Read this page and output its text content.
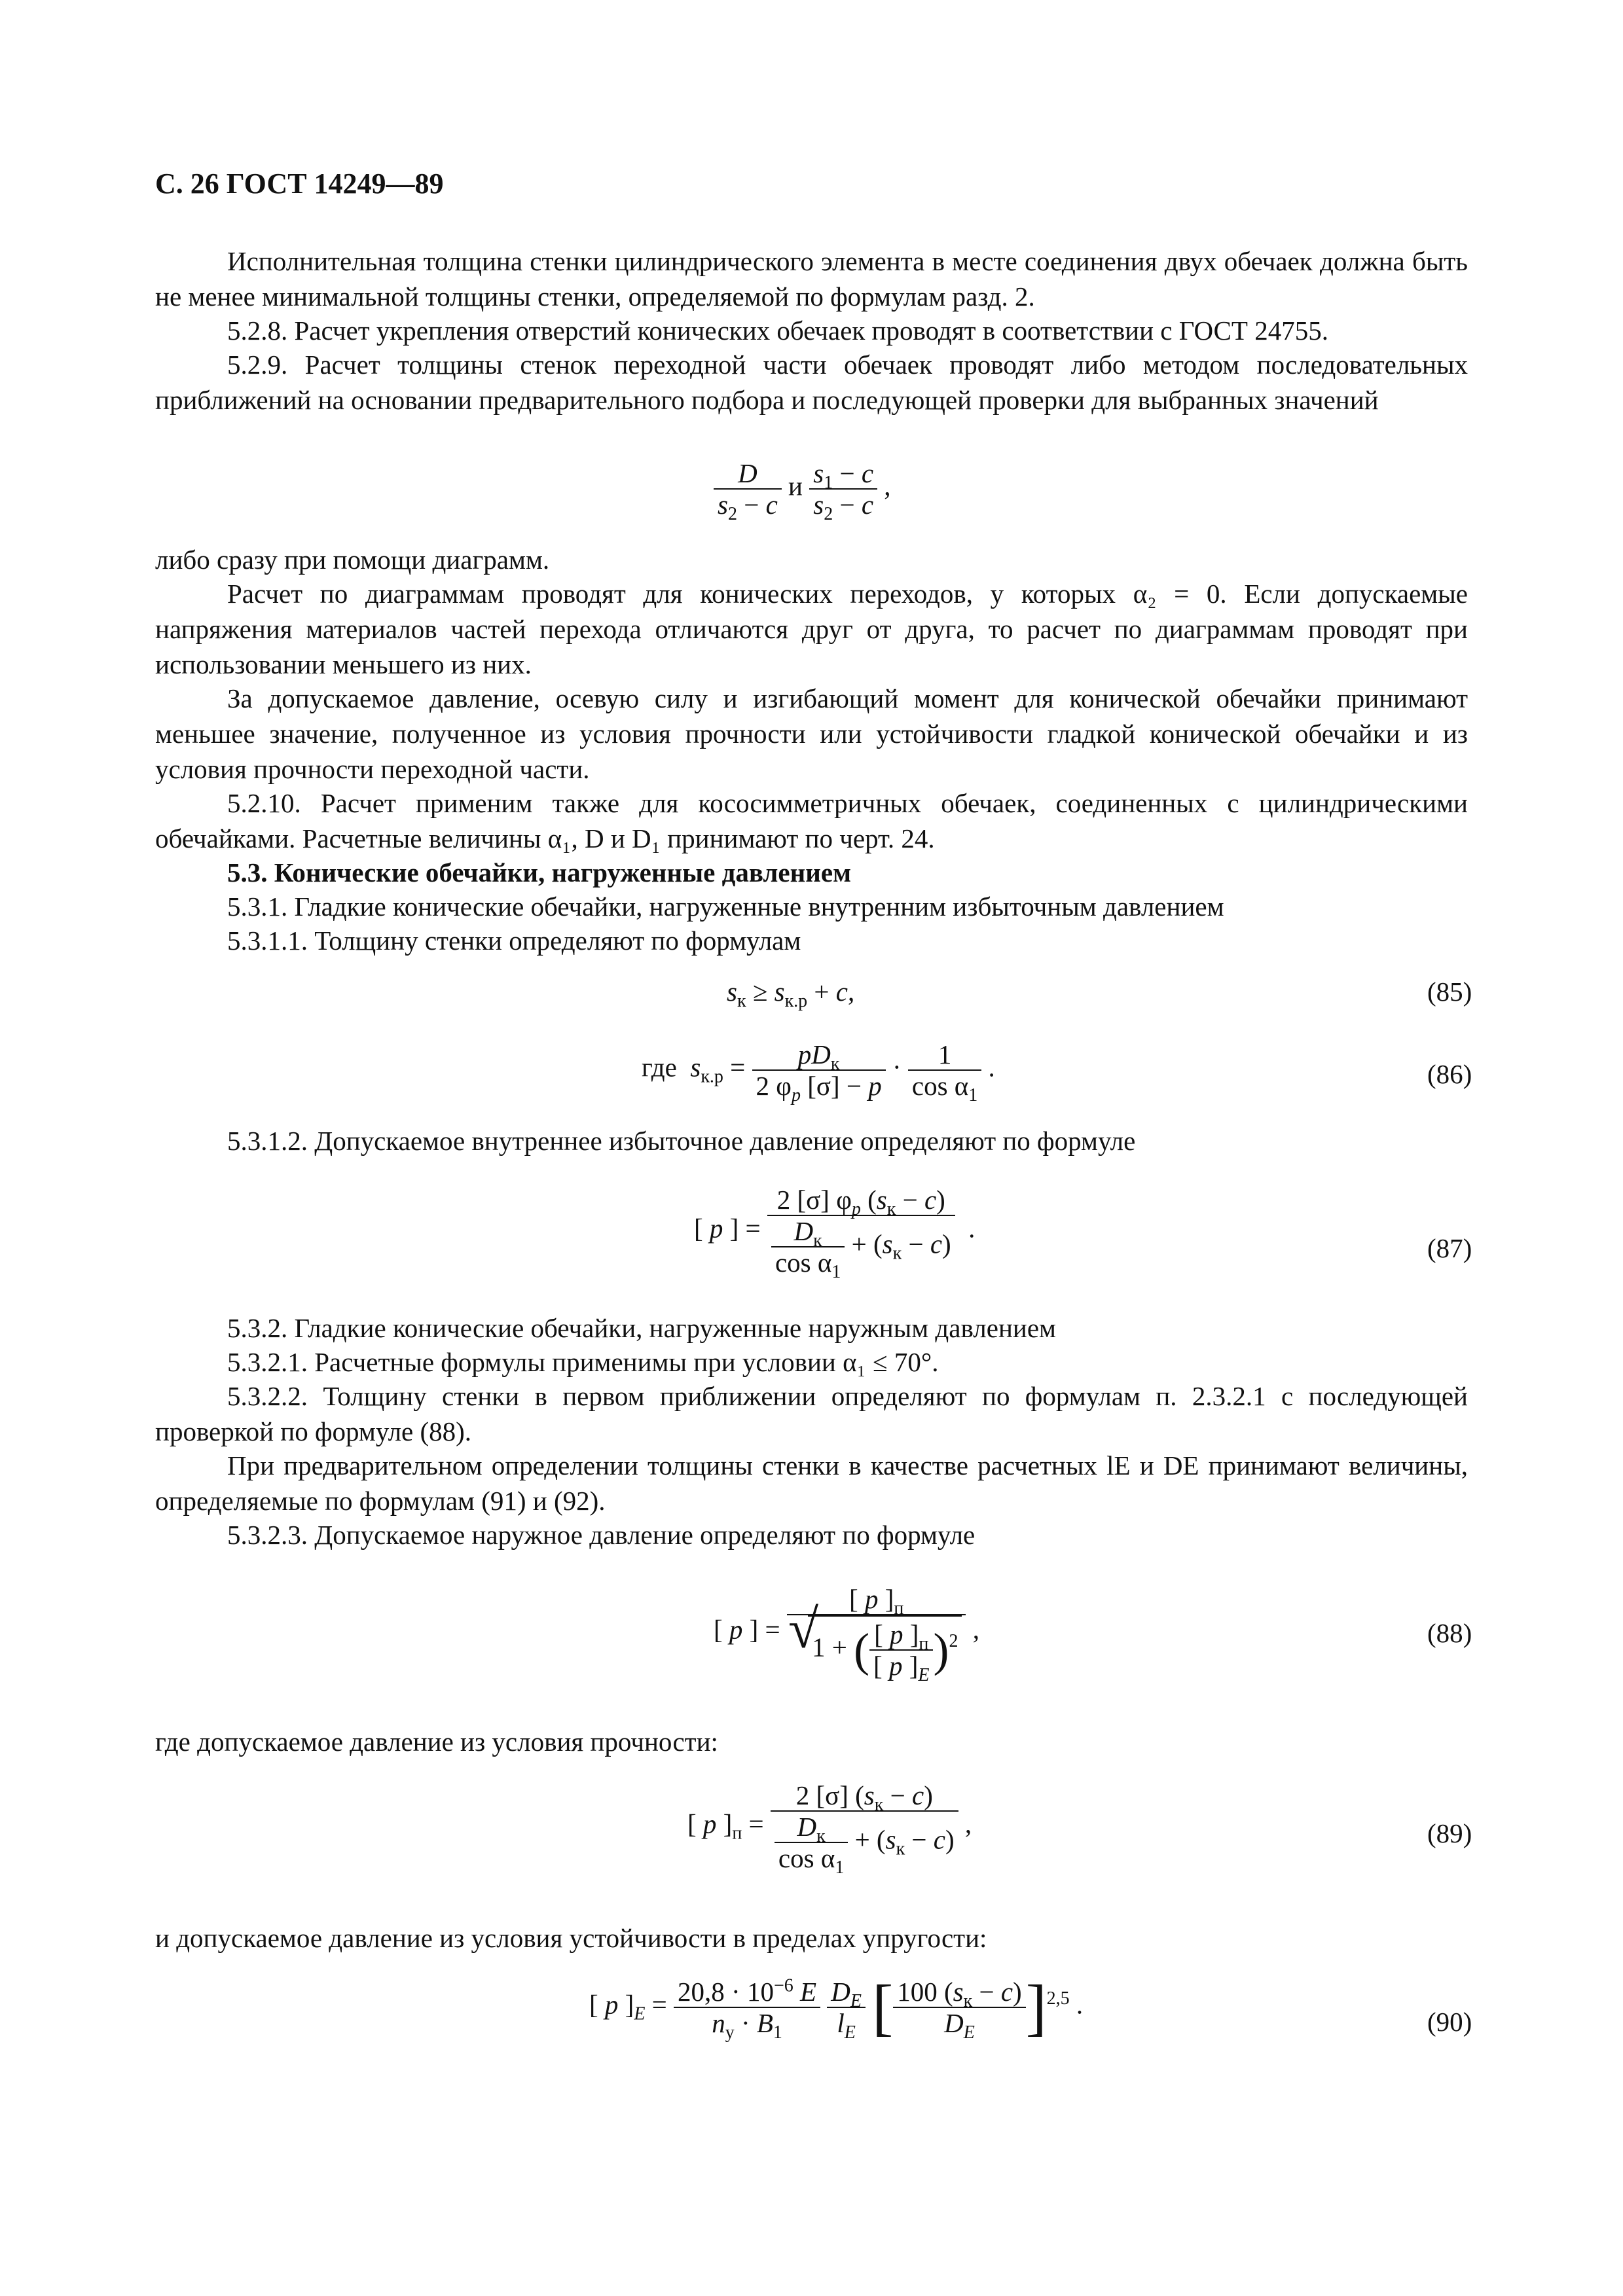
С. 26 ГОСТ 14249—89
Исполнительная толщина стенки цилиндрического элемента в месте соединения двух обечаек должна быть не менее минимальной толщины стенки, определяемой по формулам разд. 2.
5.2.8. Расчет укрепления отверстий конических обечаек проводят в соответствии с ГОСТ 24755.
5.2.9. Расчет толщины стенок переходной части обечаек проводят либо методом последовательных приближений на основании предварительного подбора и последующей проверки для выбранных значений
$\frac{D}{s_2 - c}$ и $\frac{s_1 - c}{s_2 - c}$ ,
либо сразу при помощи диаграмм.
Расчет по диаграммам проводят для конических переходов, у которых α₂ = 0. Если допускаемые напряжения материалов частей перехода отличаются друг от друга, то расчет по диаграммам проводят при использовании меньшего из них.
За допускаемое давление, осевую силу и изгибающий момент для конической обечайки принимают меньшее значение, полученное из условия прочности или устойчивости гладкой конической обечайки и из условия прочности переходной части.
5.2.10. Расчет применим также для кососимметричных обечаек, соединенных с цилиндрическими обечайками. Расчетные величины α₁, D и D₁ принимают по черт. 24.
5.3. Конические обечайки, нагруженные давлением
5.3.1. Гладкие конические обечайки, нагруженные внутренним избыточным давлением
5.3.1.1. Толщину стенки определяют по формулам
$s_к \ge s_{к.р} + c$,	(85)
где $s_{к.р} = \frac{pD_к}{2 \varphi_p [\sigma] - p} \cdot \frac{1}{\cos \alpha_1}$ .	(86)
5.3.1.2. Допускаемое внутреннее избыточное давление определяют по формуле
[ p ] = $\frac{2 [\sigma] \varphi_p (s_к - c)}{\frac{D_к}{\cos \alpha_1} + (s_к - c)}$ .
(87)
5.3.2. Гладкие конические обечайки, нагруженные наружным давлением
5.3.2.1. Расчетные формулы применимы при условии α₁ ≤ 70°.
5.3.2.2. Толщину стенки в первом приближении определяют по формулам п. 2.3.2.1 с последующей проверкой по формуле (88).
При предварительном определении толщины стенки в качестве расчетных lE и DE принимают величины, определяемые по формулам (91) и (92).
5.3.2.3. Допускаемое наружное давление определяют по формуле
[ p ] = [ p ]$_п$
√ 1 + ( $\frac{[ p ]_п}{[ p ]_E} )^2$ ,	(88)
где допускаемое давление из условия прочности:
[ p ]$_п = \frac{2 [\sigma] (s_к - c)}{\frac{D_к}{\cos \alpha_1} + (s_к - c)}$ ,	(89)
и допускаемое давление из условия устойчивости в пределах упругости:
[ p ]$_E = \frac{20,8 \cdot 10^{-6} E}{n_у \cdot B_1}$
$\frac{D_E}{l_E}$ [ $\frac{100 (s_к - c)}{D_E} ]^{2,5}$ .
(90)
